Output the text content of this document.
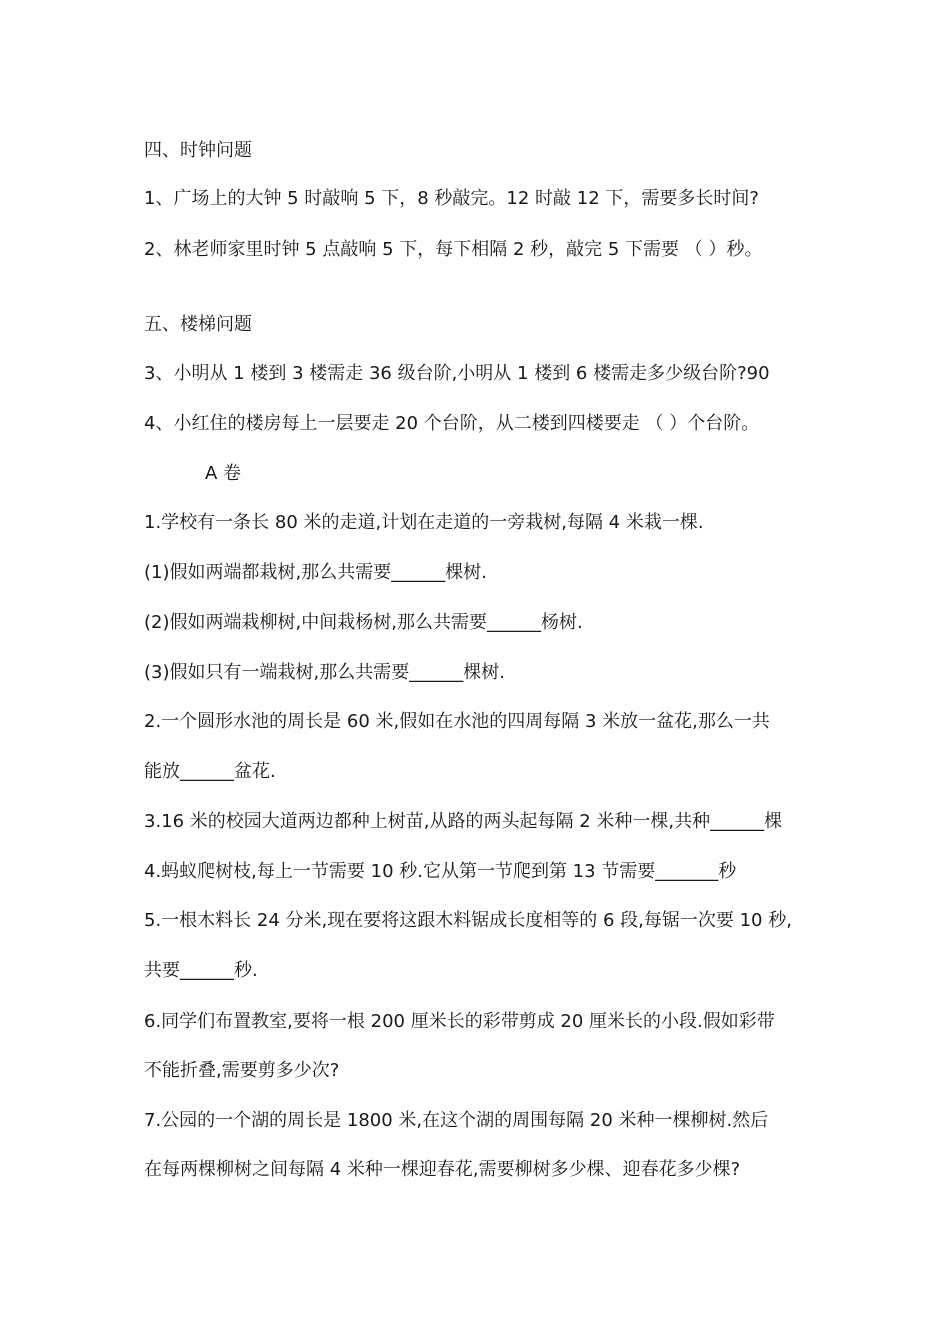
四、时钟问题
1、广场上的大钟 5 时敲响 5 下，8 秒敲完。12 时敲 12 下，需要多长时间?
2、林老师家里时钟 5 点敲响 5 下，每下相隔 2 秒，敲完 5 下需要 （ ）秒。
五、楼梯问题
3、小明从 1 楼到 3 楼需走 36 级台阶,小明从 1 楼到 6 楼需走多少级台阶?90
4、小红住的楼房每上一层要走 20 个台阶，从二楼到四楼要走 （ ）个台阶。
A 卷
1.学校有一条长 80 米的走道,计划在走道的一旁栽树,每隔 4 米栽一棵.
(1)假如两端都栽树,那么共需要______棵树.
(2)假如两端栽柳树,中间栽杨树,那么共需要______杨树.
(3)假如只有一端栽树,那么共需要______棵树.
2.一个圆形水池的周长是 60 米,假如在水池的四周每隔 3 米放一盆花,那么一共
能放______盆花.
3.16 米的校园大道两边都种上树苗,从路的两头起每隔 2 米种一棵,共种______棵
4.蚂蚁爬树枝,每上一节需要 10 秒.它从第一节爬到第 13 节需要_______秒
5.一根木料长 24 分米,现在要将这跟木料锯成长度相等的 6 段,每锯一次要 10 秒,
共要______秒.
6.同学们布置教室,要将一根 200 厘米长的彩带剪成 20 厘米长的小段.假如彩带
不能折叠,需要剪多少次?
7.公园的一个湖的周长是 1800 米,在这个湖的周围每隔 20 米种一棵柳树.然后
在每两棵柳树之间每隔 4 米种一棵迎春花,需要柳树多少棵、迎春花多少棵?
